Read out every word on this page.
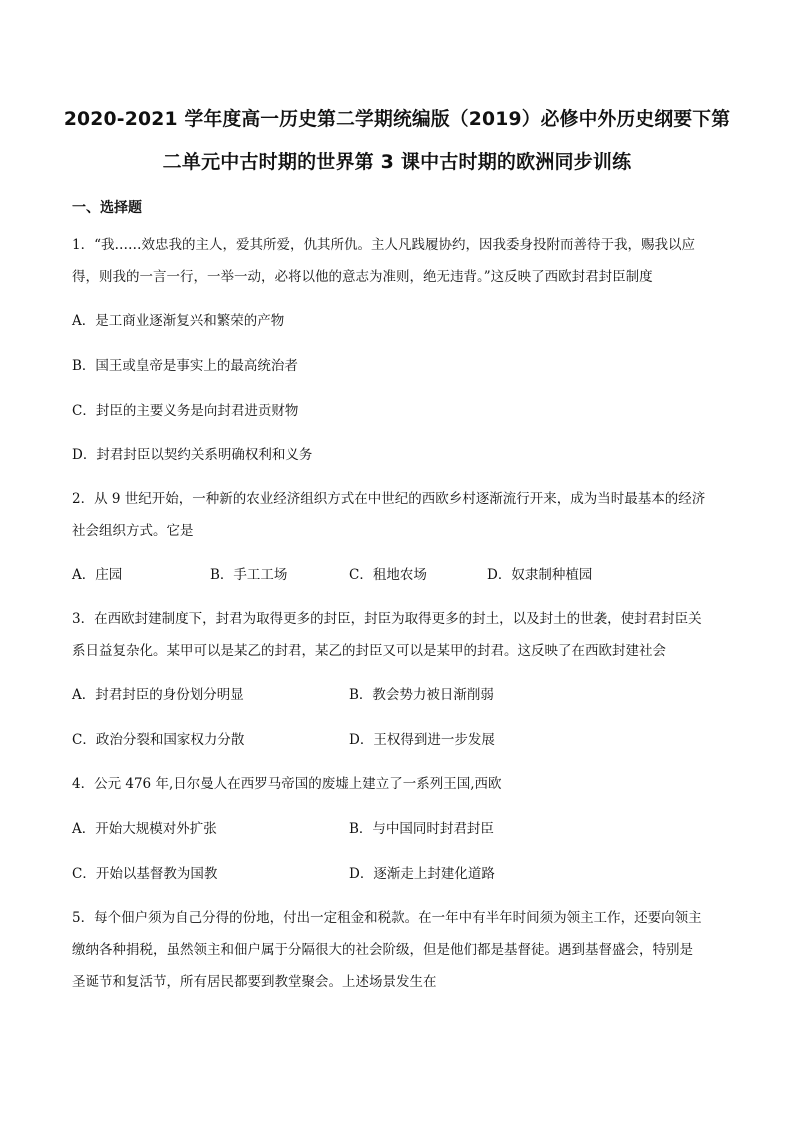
2020-2021 学年度高一历史第二学期统编版（2019）必修中外历史纲要下第
二单元中古时期的世界第 3 课中古时期的欧洲同步训练
一、选择题
1．“我……效忠我的主人，爱其所爱，仇其所仇。主人凡践履协约，因我委身投附而善待于我，赐我以应
得，则我的一言一行，一举一动，必将以他的意志为准则，绝无违背。”这反映了西欧封君封臣制度
A．是工商业逐渐复兴和繁荣的产物
B．国王或皇帝是事实上的最高统治者
C．封臣的主要义务是向封君进贡财物
D．封君封臣以契约关系明确权利和义务
2．从 9 世纪开始，一种新的农业经济组织方式在中世纪的西欧乡村逐渐流行开来，成为当时最基本的经济
社会组织方式。它是
A．庄园	B．手工工场	C．租地农场	D．奴隶制种植园
3．在西欧封建制度下，封君为取得更多的封臣，封臣为取得更多的封土，以及封土的世袭，使封君封臣关
系日益复杂化。某甲可以是某乙的封君，某乙的封臣又可以是某甲的封君。这反映了在西欧封建社会
A．封君封臣的身份划分明显	B．教会势力被日渐削弱
C．政治分裂和国家权力分散	D．王权得到进一步发展
4．公元 476 年,日尔曼人在西罗马帝国的废墟上建立了一系列王国,西欧
A．开始大规模对外扩张	B．与中国同时封君封臣
C．开始以基督教为国教	D．逐渐走上封建化道路
5．每个佃户须为自己分得的份地，付出一定租金和税款。在一年中有半年时间须为领主工作，还要向领主
缴纳各种捐税，虽然领主和佃户属于分隔很大的社会阶级，但是他们都是基督徒。遇到基督盛会，特别是
圣诞节和复活节，所有居民都要到教堂聚会。上述场景发生在
